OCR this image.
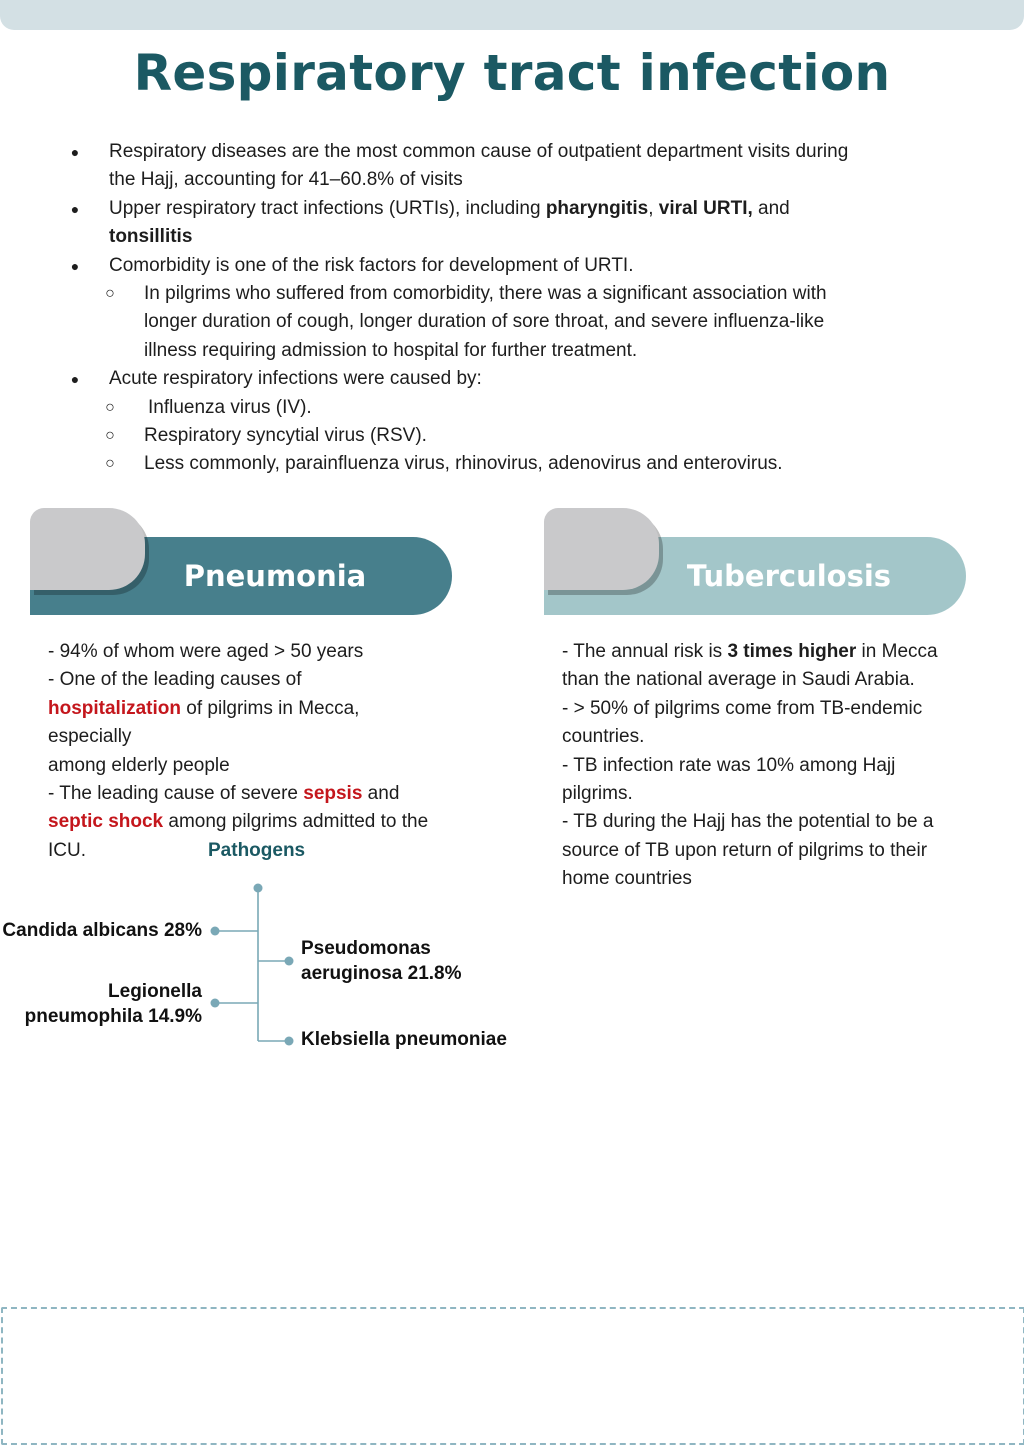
Respiratory tract infection
● Respiratory diseases are the most common cause of outpatient department visits during
the Hajj, accounting for 41–60.8% of visits
● Upper respiratory tract infections (URTIs), including pharyngitis, viral URTI, and
tonsillitis
● Comorbidity is one of the risk factors for development of URTI.
○ In pilgrims who suffered from comorbidity, there was a significant association with
longer duration of cough, longer duration of sore throat, and severe influenza-like
illness requiring admission to hospital for further treatment.
● Acute respiratory infections were caused by:
○ Influenza virus (IV).
○ Respiratory syncytial virus (RSV).
○ Less commonly, parainfluenza virus, rhinovirus, adenovirus and enterovirus.
Pneumonia	Tuberculosis
- 94% of whom were aged > 50 years
- One of the leading causes of
hospitalization of pilgrims in Mecca,
especially
among elderly people
- The leading cause of severe sepsis and
septic shock among pilgrims admitted to the
ICU.
- The annual risk is 3 times higher in Mecca
than the national average in Saudi Arabia.
- > 50% of pilgrims come from TB-endemic
countries.
- TB infection rate was 10% among Hajj
pilgrims.
- TB during the Hajj has the potential to be a
source of TB upon return of pilgrims to their
home countries
Pathogens
Candida albicans 28%
Legionella
pneumophila 14.9%
Pseudomonas
aeruginosa 21.8%
Klebsiella pneumoniae
